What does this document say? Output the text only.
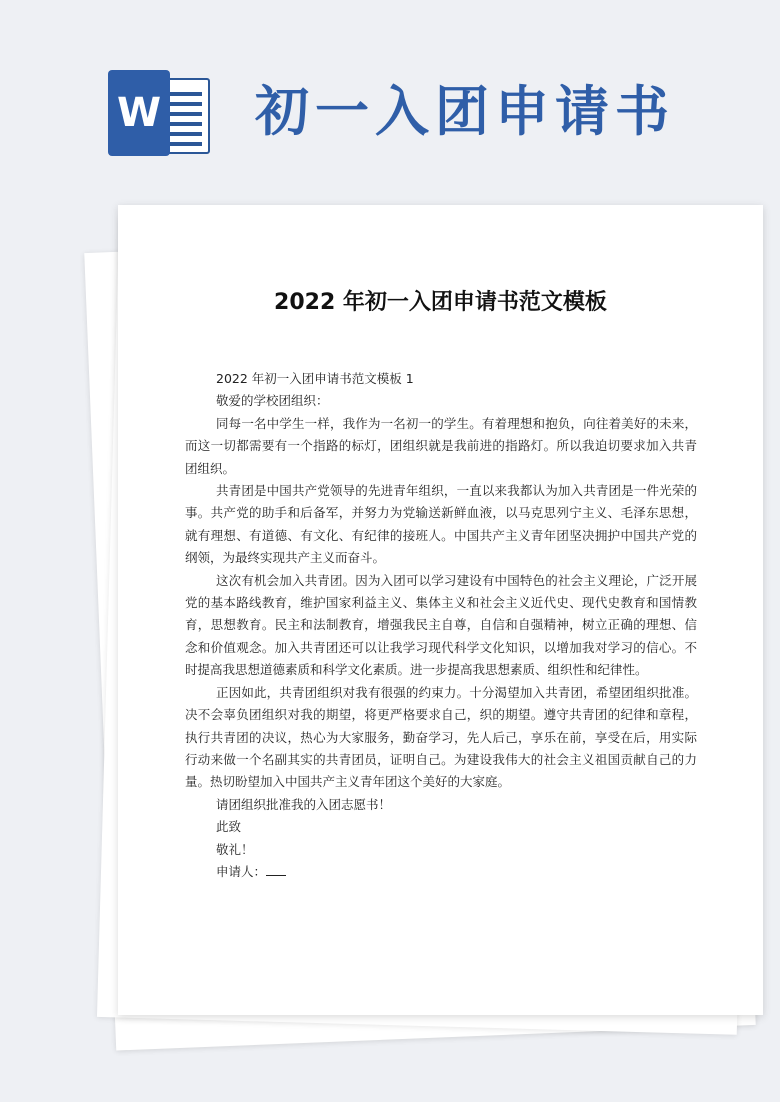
W 初一入团申请书
2022 年初一入团申请书范文模板

2022 年初一入团申请书范文模板 1

敬爱的学校团组织：

同每一名中学生一样，我作为一名初一的学生。有着理想和抱负，向往着美好的未来，而这一切都需要有一个指路的标灯，团组织就是我前进的指路灯。所以我迫切要求加入共青团组织。

共青团是中国共产党领导的先进青年组织，一直以来我都认为加入共青团是一件光荣的事。共产党的助手和后备军，并努力为党输送新鲜血液，以马克思列宁主义、毛泽东思想，就有理想、有道德、有文化、有纪律的接班人。中国共产主义青年团坚决拥护中国共产党的纲领，为最终实现共产主义而奋斗。

这次有机会加入共青团。因为入团可以学习建设有中国特色的社会主义理论，广泛开展党的基本路线教育，维护国家利益主义、集体主义和社会主义近代史、现代史教育和国情教育，思想教育。民主和法制教育，增强我民主自尊，自信和自强精神，树立正确的理想、信念和价值观念。加入共青团还可以让我学习现代科学文化知识，以增加我对学习的信心。不时提高我思想道德素质和科学文化素质。进一步提高我思想素质、组织性和纪律性。

正因如此，共青团组织对我有很强的约束力。十分渴望加入共青团，希望团组织批准。决不会辜负团组织对我的期望，将更严格要求自己，织的期望。遵守共青团的纪律和章程，执行共青团的决议，热心为大家服务，勤奋学习，先人后己，享乐在前，享受在后，用实际行动来做一个名副其实的共青团员，证明自己。为建设我伟大的社会主义祖国贡献自己的力量。热切盼望加入中国共产主义青年团这个美好的大家庭。

请团组织批准我的入团志愿书！

此致

敬礼！

申请人：
